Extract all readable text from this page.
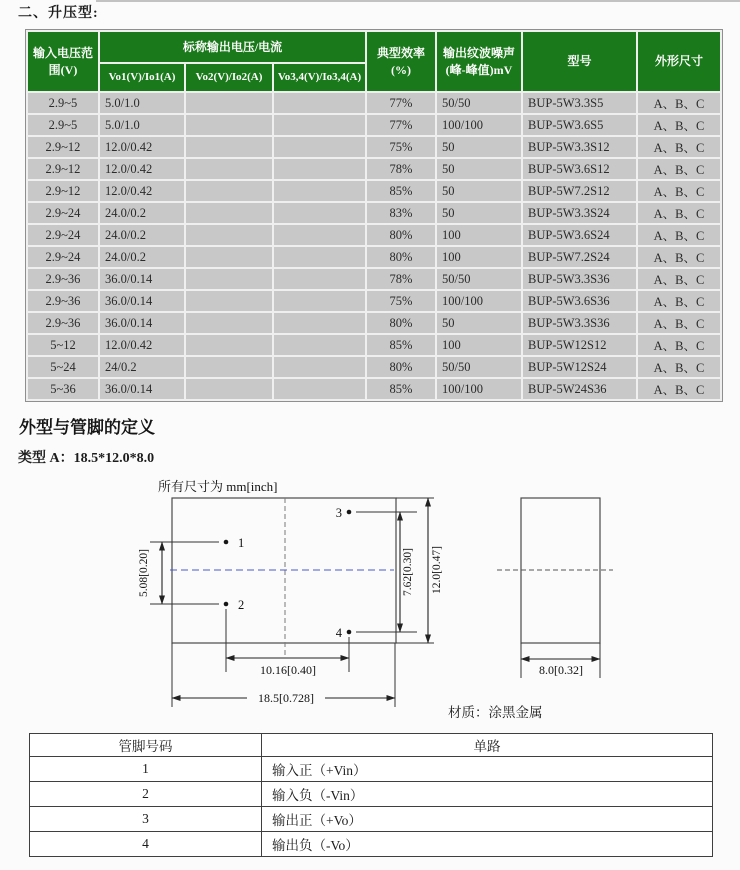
二、升压型:
输入电压范围(V)	标称输出电压/电流			典型效率(%)	输出纹波噪声(峰-峰值)mV	型号	外形尺寸
	Vo1(V)/Io1(A)	Vo2(V)/Io2(A)	Vo3,4(V)/Io3,4(A)				
2.9~5	5.0/1.0			77%	50/50	BUP-5W3.3S5	A、B、C
2.9~5	5.0/1.0			77%	100/100	BUP-5W3.6S5	A、B、C
2.9~12	12.0/0.42			75%	50	BUP-5W3.3S12	A、B、C
2.9~12	12.0/0.42			78%	50	BUP-5W3.6S12	A、B、C
2.9~12	12.0/0.42			85%	50	BUP-5W7.2S12	A、B、C
2.9~24	24.0/0.2			83%	50	BUP-5W3.3S24	A、B、C
2.9~24	24.0/0.2			80%	100	BUP-5W3.6S24	A、B、C
2.9~24	24.0/0.2			80%	100	BUP-5W7.2S24	A、B、C
2.9~36	36.0/0.14			78%	50/50	BUP-5W3.3S36	A、B、C
2.9~36	36.0/0.14			75%	100/100	BUP-5W3.6S36	A、B、C
2.9~36	36.0/0.14			80%	50	BUP-5W3.3S36	A、B、C
5~12	12.0/0.42			85%	100	BUP-5W12S12	A、B、C
5~24	24/0.2			80%	50/50	BUP-5W12S24	A、B、C
5~36	36.0/0.14			85%	100/100	BUP-5W24S36	A、B、C
外型与管脚的定义
类型 A：18.5*12.0*8.0
所有尺寸为 mm[inch]
1
2
3
4
5.08[0.20]	7.62[0.30] 12.0[0.47]
10.16[0.40]
18.5[0.728]
8.0[0.32]
材质：涂黑金属
管脚号码	单路
1	输入正（+Vin）
2	输入负（-Vin）
3	输出正（+Vo）
4	输出负（-Vo）
